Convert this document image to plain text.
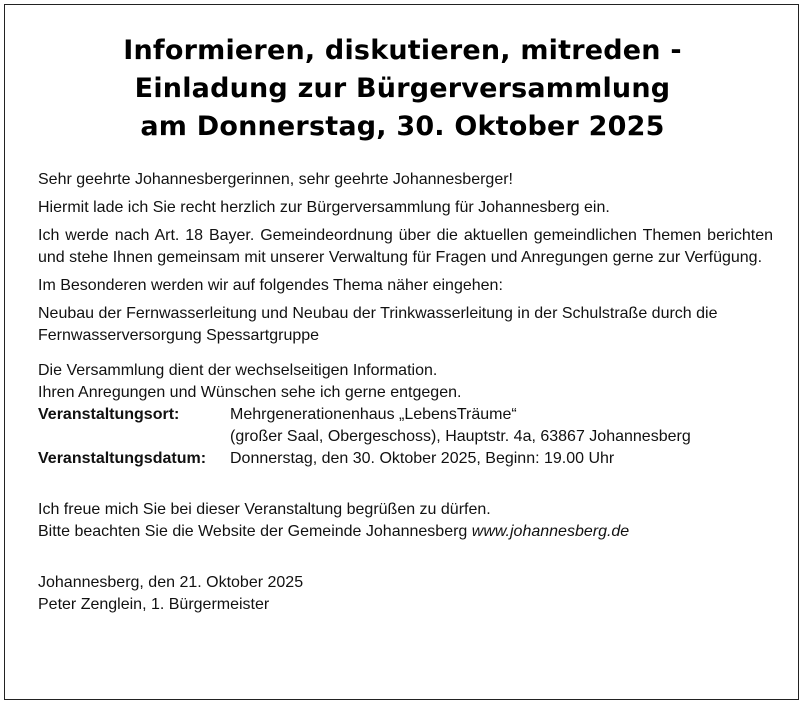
Informieren, diskutieren, mitreden -
Einladung zur Bürgerversammlung
am Donnerstag, 30. Oktober 2025

Sehr geehrte Johannesbergerinnen, sehr geehrte Johannesberger!

Hiermit lade ich Sie recht herzlich zur Bürgerversammlung für Johannesberg ein.

Ich werde nach Art. 18 Bayer. Gemeindeordnung über die aktuellen gemeindlichen Themen berichten und stehe Ihnen gemeinsam mit unserer Verwaltung für Fragen und Anregungen gerne zur Verfügung.

Im Besonderen werden wir auf folgendes Thema näher eingehen:

Neubau der Fernwasserleitung und Neubau der Trinkwasserleitung in der Schulstraße durch die Fernwasserversorgung Spessartgruppe

Die Versammlung dient der wechselseitigen Information.

Ihren Anregungen und Wünschen sehe ich gerne entgegen.

Veranstaltungsort:	Mehrgenerationenhaus „LebensTräume“
(großer Saal, Obergeschoss), Hauptstr. 4a, 63867 Johannesberg
Veranstaltungsdatum:	Donnerstag, den 30. Oktober 2025, Beginn: 19.00 Uhr

Ich freue mich Sie bei dieser Veranstaltung begrüßen zu dürfen.

Bitte beachten Sie die Website der Gemeinde Johannesberg www.johannesberg.de

Johannesberg, den 21. Oktober 2025

Peter Zenglein, 1. Bürgermeister
